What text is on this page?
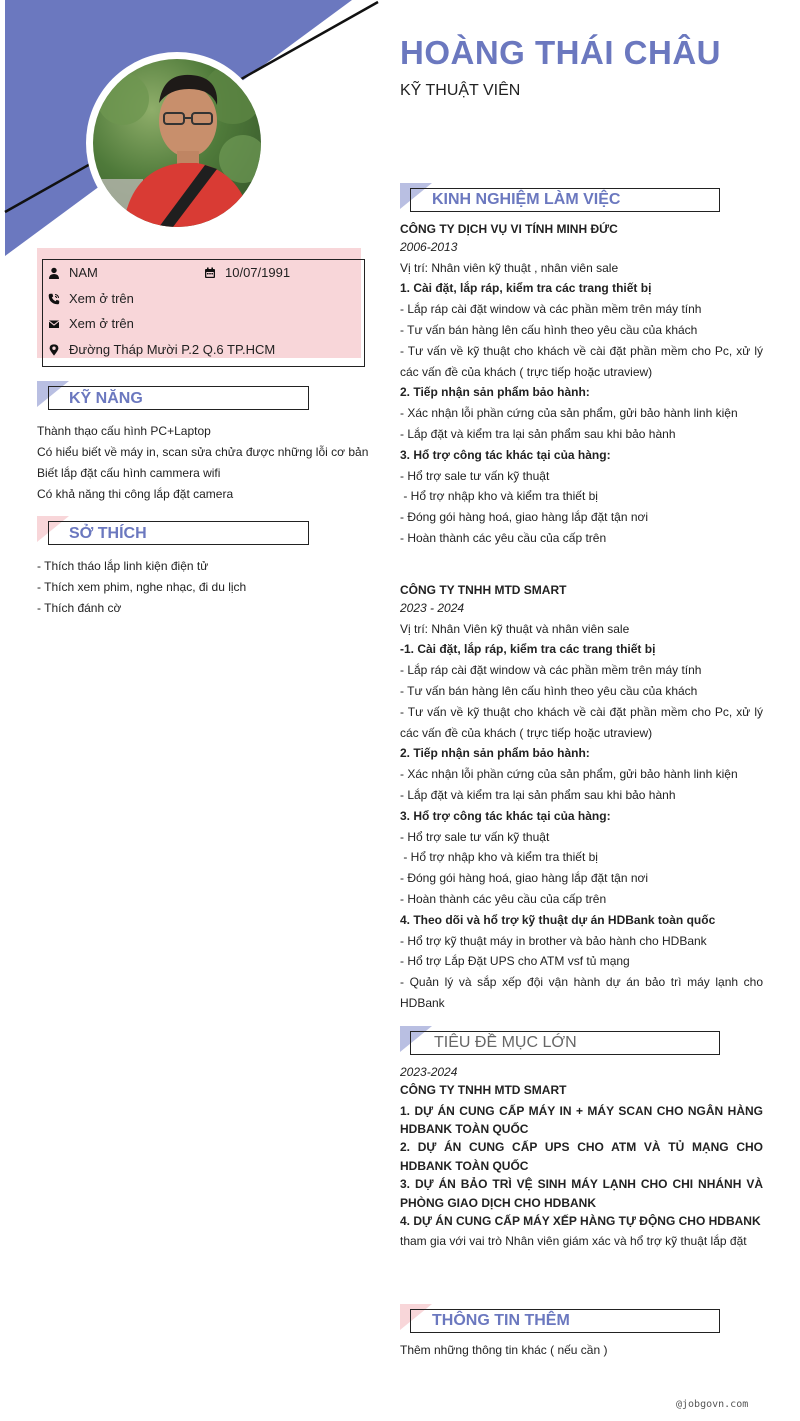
HOÀNG THÁI CHÂU
KỸ THUẬT VIÊN
NAM	10/07/1991
Xem ở trên
Xem ở trên
Đường Tháp Mười P.2 Q.6 TP.HCM
KỸ NĂNG

Thành thạo cấu hình PC+Laptop

Có hiểu biết về máy in, scan sửa chửa được những lỗi cơ bản

Biết lắp đặt cấu hình cammera wifi

Có khả năng thi công lắp đặt camera

SỞ THÍCH

- Thích tháo lắp linh kiện điện tử

- Thích xem phim, nghe nhạc, đi du lịch

- Thích đánh cờ

KINH NGHIỆM LÀM VIỆC
CÔNG TY DỊCH VỤ VI TÍNH MINH ĐỨC
2006-2013
Vị trí: Nhân viên kỹ thuật , nhân viên sale
1. Cài đặt, lắp ráp, kiểm tra các trang thiết bị
- Lắp ráp cài đặt window và các phần mềm trên máy tính
- Tư vấn bán hàng lên cấu hình theo yêu cầu của khách
- Tư vấn về kỹ thuật cho khách về cài đặt phần mềm cho Pc, xử lý các vấn đề của khách ( trực tiếp hoặc utraview)
2. Tiếp nhận sản phẩm bảo hành:
- Xác nhận lỗi phần cứng của sản phẩm, gửi bảo hành linh kiện
- Lắp đặt và kiểm tra lại sản phẩm sau khi bảo hành
3. Hổ trợ công tác khác tại của hàng:
- Hổ trợ sale tư vấn kỹ thuật
- Hổ trợ nhập kho và kiểm tra thiết bị
- Đóng gói hàng hoá, giao hàng lắp đặt tận nơi
- Hoàn thành các yêu cầu của cấp trên
CÔNG TY TNHH MTD SMART
2023 - 2024
Vị trí: Nhân Viên kỹ thuật và nhân viên sale
-1. Cài đặt, lắp ráp, kiểm tra các trang thiết bị
- Lắp ráp cài đặt window và các phần mềm trên máy tính
- Tư vấn bán hàng lên cấu hình theo yêu cầu của khách
- Tư vấn về kỹ thuật cho khách về cài đặt phần mềm cho Pc, xử lý các vấn đề của khách ( trực tiếp hoặc utraview)
2. Tiếp nhận sản phẩm bảo hành:
- Xác nhận lỗi phần cứng của sản phẩm, gửi bảo hành linh kiện
- Lắp đặt và kiểm tra lại sản phẩm sau khi bảo hành
3. Hổ trợ công tác khác tại của hàng:
- Hổ trợ sale tư vấn kỹ thuật
- Hổ trợ nhập kho và kiểm tra thiết bị
- Đóng gói hàng hoá, giao hàng lắp đặt tận nơi
- Hoàn thành các yêu cầu của cấp trên
4. Theo dõi và hổ trợ kỹ thuật dự án HDBank toàn quốc
- Hổ trợ kỹ thuật máy in brother và bảo hành cho HDBank
- Hổ trợ Lắp Đặt UPS cho ATM vsf tủ mạng
- Quản lý và sắp xếp đội vận hành dự án bảo trì máy lạnh cho HDBank
TIÊU ĐỀ MỤC LỚN
2023-2024
CÔNG TY TNHH MTD SMART
1. DỰ ÁN CUNG CẤP MÁY IN + MÁY SCAN CHO NGÂN HÀNG HDBANK TOÀN QUỐC
2. DỰ ÁN CUNG CẤP UPS CHO ATM VÀ TỦ MẠNG CHO HDBANK TOÀN QUỐC
3. DỰ ÁN BẢO TRÌ VỆ SINH MÁY LẠNH CHO CHI NHÁNH VÀ PHÒNG GIAO DỊCH CHO HDBANK
4. DỰ ÁN CUNG CẤP MÁY XẾP HÀNG TỰ ĐỘNG CHO HDBANK
tham gia với vai trò Nhân viên giám xác và hổ trợ kỹ thuật lắp đặt
THÔNG TIN THÊM
Thêm những thông tin khác ( nếu cần )
@jobgovn.com
